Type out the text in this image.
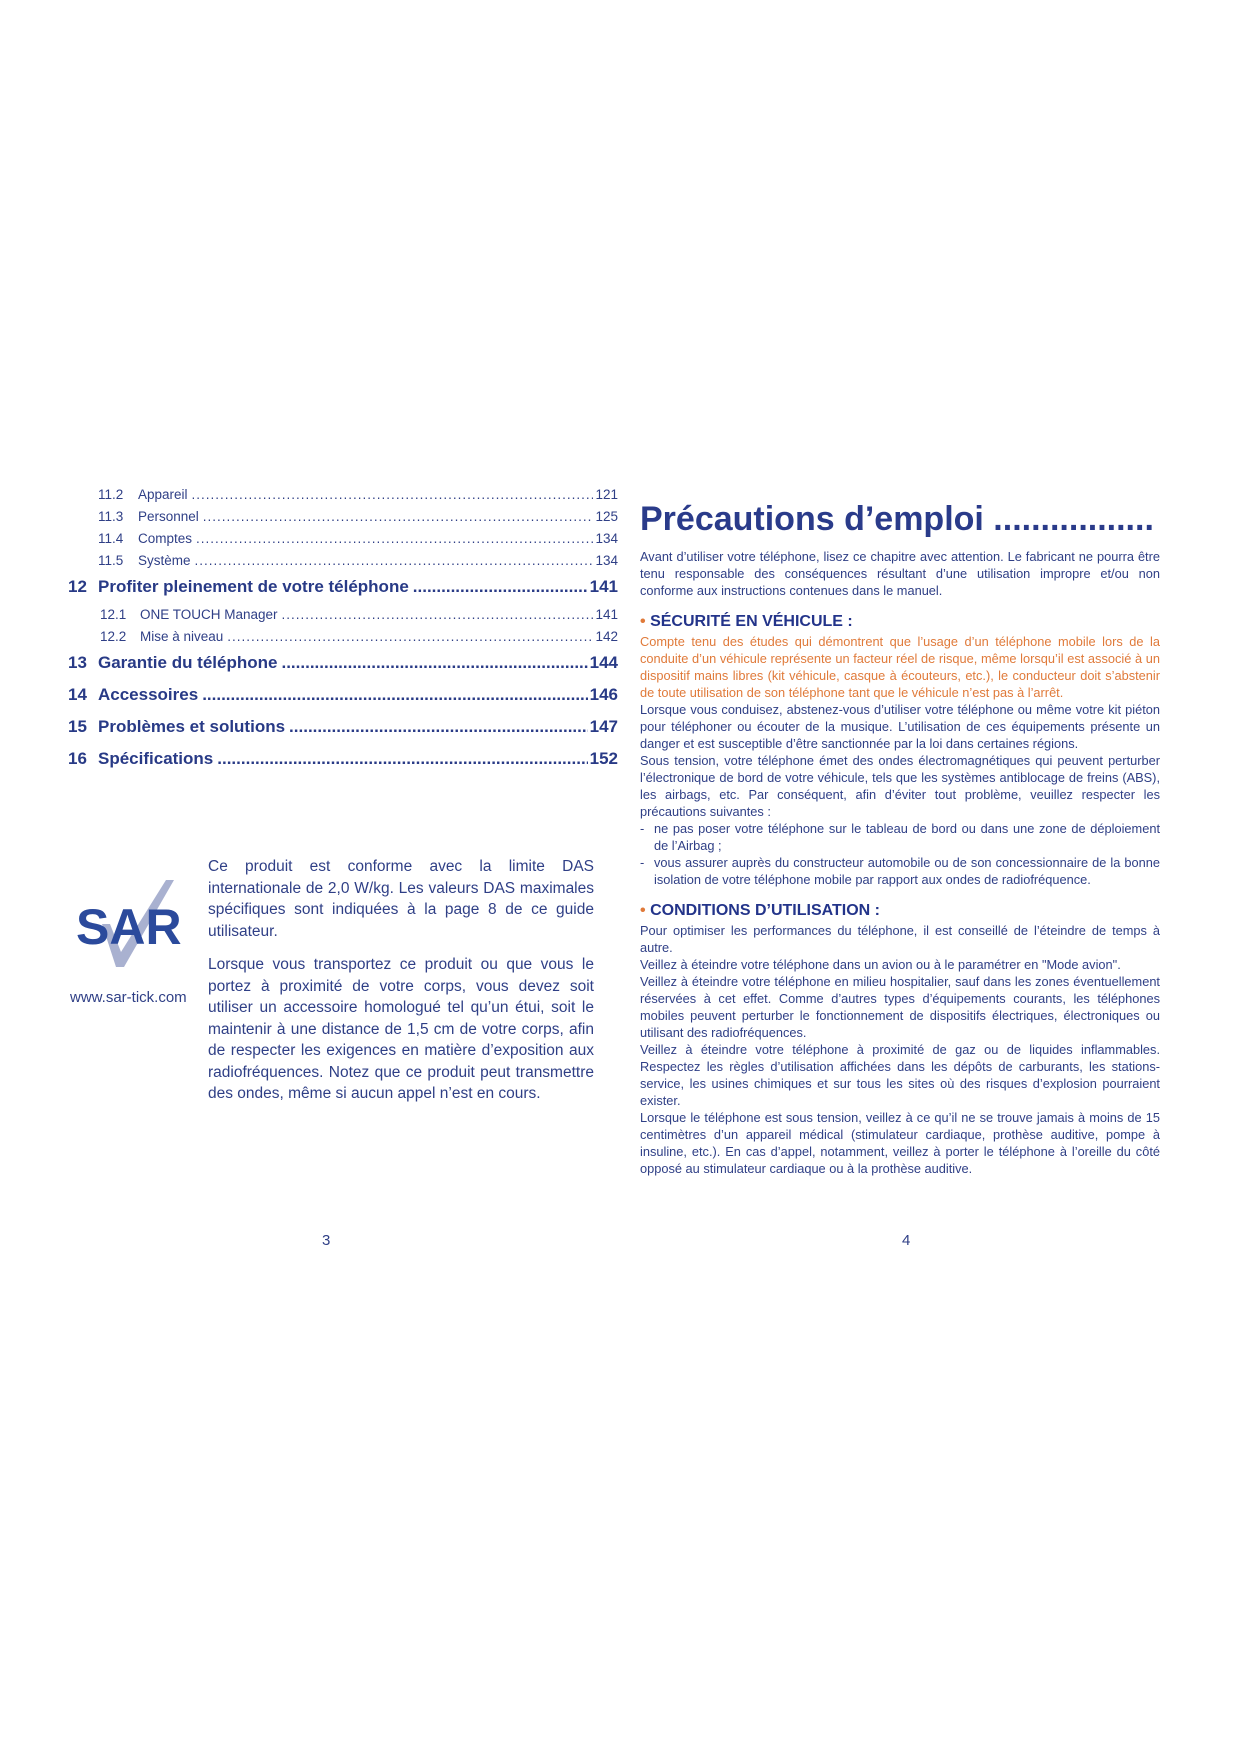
11.2	Appareil .....	121
11.3	Personnel .....	125
11.4	Comptes .....	134
11.5	Système .....	134
12 Profiter pleinement de votre téléphone .....	141
12.1	ONE TOUCH Manager .....	141
12.2	Mise à niveau .....	142
13 Garantie du téléphone .....	144
14 Accessoires .....	146
15 Problèmes et solutions .....	147
16 Spécifications .....	152
SAR
www.sar-tick.com

Ce produit est conforme avec la limite DAS internationale de 2,0 W/kg. Les valeurs DAS maximales spécifiques sont indiquées à la page 8 de ce guide utilisateur.

Lorsque vous transportez ce produit ou que vous le portez à proximité de votre corps, vous devez soit utiliser un accessoire homologué tel qu’un étui, soit le maintenir à une distance de 1,5 cm de votre corps, afin de respecter les exigences en matière d’exposition aux radiofréquences. Notez que ce produit peut transmettre des ondes, même si aucun appel n’est en cours.

3
Précautions d’emploi .................

Avant d’utiliser votre téléphone, lisez ce chapitre avec attention. Le fabricant ne pourra être tenu responsable des conséquences résultant d’une utilisation impropre et/ou non conforme aux instructions contenues dans le manuel.

• SÉCURITÉ EN VÉHICULE :

Compte tenu des études qui démontrent que l’usage d’un téléphone mobile lors de la conduite d’un véhicule représente un facteur réel de risque, même lorsqu’il est associé à un dispositif mains libres (kit véhicule, casque à écouteurs, etc.), le conducteur doit s’abstenir de toute utilisation de son téléphone tant que le véhicule n’est pas à l’arrêt.

Lorsque vous conduisez, abstenez-vous d’utiliser votre téléphone ou même votre kit piéton pour téléphoner ou écouter de la musique. L’utilisation de ces équipements présente un danger et est susceptible d’être sanctionnée par la loi dans certaines régions.

Sous tension, votre téléphone émet des ondes électromagnétiques qui peuvent perturber l’électronique de bord de votre véhicule, tels que les systèmes antiblocage de freins (ABS), les airbags, etc. Par conséquent, afin d’éviter tout problème, veuillez respecter les précautions suivantes :

- ne pas poser votre téléphone sur le tableau de bord ou dans une zone de déploiement de l’Airbag ;
- vous assurer auprès du constructeur automobile ou de son concessionnaire de la bonne isolation de votre téléphone mobile par rapport aux ondes de radiofréquence.
• CONDITIONS D’UTILISATION :

Pour optimiser les performances du téléphone, il est conseillé de l’éteindre de temps à autre.

Veillez à éteindre votre téléphone dans un avion ou à le paramétrer en "Mode avion".

Veillez à éteindre votre téléphone en milieu hospitalier, sauf dans les zones éventuellement réservées à cet effet. Comme d’autres types d’équipements courants, les téléphones mobiles peuvent perturber le fonctionnement de dispositifs électriques, électroniques ou utilisant des radiofréquences.

Veillez à éteindre votre téléphone à proximité de gaz ou de liquides inflammables. Respectez les règles d’utilisation affichées dans les dépôts de carburants, les stations-service, les usines chimiques et sur tous les sites où des risques d’explosion pourraient exister.

Lorsque le téléphone est sous tension, veillez à ce qu’il ne se trouve jamais à moins de 15 centimètres d’un appareil médical (stimulateur cardiaque, prothèse auditive, pompe à insuline, etc.). En cas d’appel, notamment, veillez à porter le téléphone à l’oreille du côté opposé au stimulateur cardiaque ou à la prothèse auditive.

4
